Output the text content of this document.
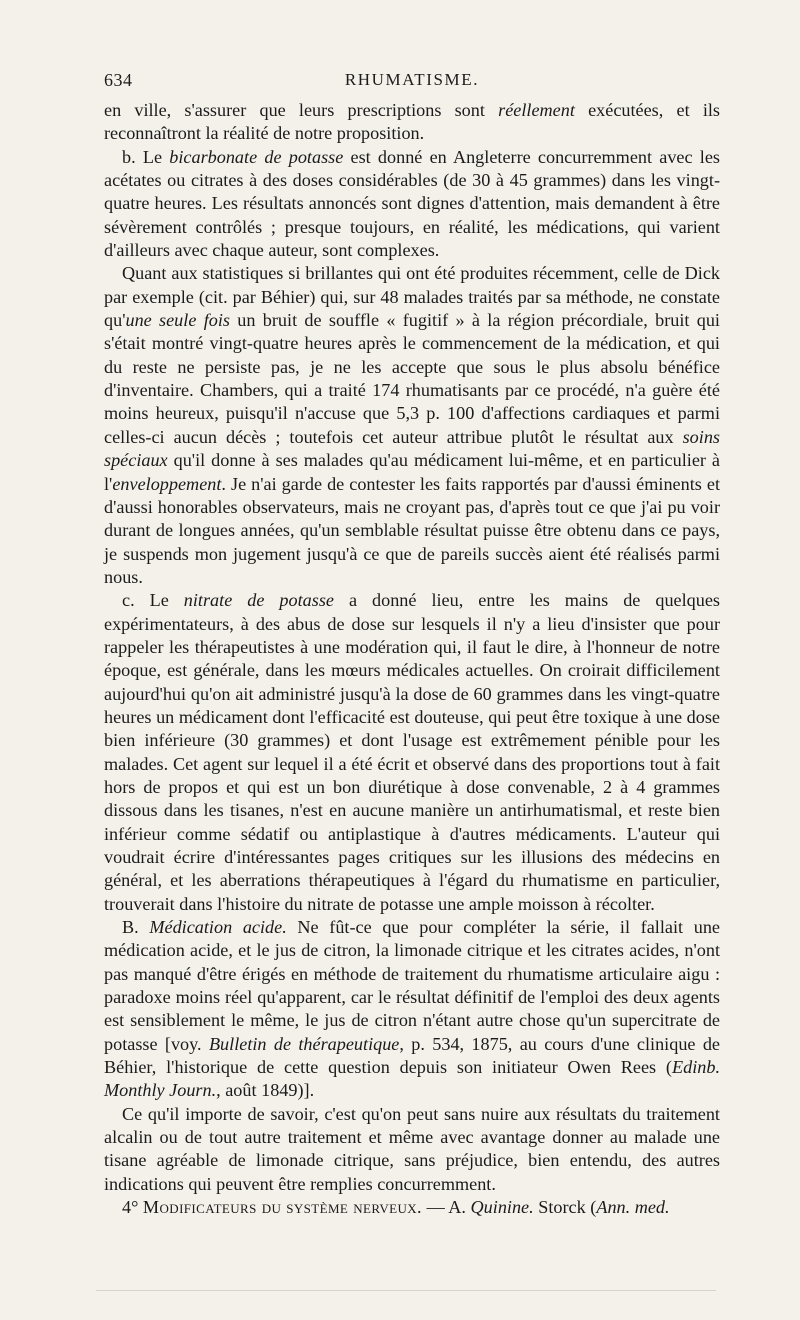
634	RHUMATISME.

en ville, s'assurer que leurs prescriptions sont réellement exécutées, et ils reconnaîtront la réalité de notre proposition.

b. Le bicarbonate de potasse est donné en Angleterre concurremment avec les acétates ou citrates à des doses considérables (de 30 à 45 grammes) dans les vingt-quatre heures. Les résultats annoncés sont dignes d'attention, mais demandent à être sévèrement contrôlés ; presque toujours, en réalité, les médications, qui varient d'ailleurs avec chaque auteur, sont complexes.

Quant aux statistiques si brillantes qui ont été produites récemment, celle de Dick par exemple (cit. par Béhier) qui, sur 48 malades traités par sa méthode, ne constate qu'une seule fois un bruit de souffle « fugitif » à la région précordiale, bruit qui s'était montré vingt-quatre heures après le commencement de la médication, et qui du reste ne persiste pas, je ne les accepte que sous le plus absolu bénéfice d'inventaire. Chambers, qui a traité 174 rhumatisants par ce procédé, n'a guère été moins heureux, puisqu'il n'accuse que 5,3 p. 100 d'affections cardiaques et parmi celles-ci aucun décès ; toutefois cet auteur attribue plutôt le résultat aux soins spéciaux qu'il donne à ses malades qu'au médicament lui-même, et en particulier à l'enveloppement. Je n'ai garde de contester les faits rapportés par d'aussi éminents et d'aussi honorables observateurs, mais ne croyant pas, d'après tout ce que j'ai pu voir durant de longues années, qu'un semblable résultat puisse être obtenu dans ce pays, je suspends mon jugement jusqu'à ce que de pareils succès aient été réalisés parmi nous.

c. Le nitrate de potasse a donné lieu, entre les mains de quelques expérimentateurs, à des abus de dose sur lesquels il n'y a lieu d'insister que pour rappeler les thérapeutistes à une modération qui, il faut le dire, à l'honneur de notre époque, est générale, dans les mœurs médicales actuelles. On croirait difficilement aujourd'hui qu'on ait administré jusqu'à la dose de 60 grammes dans les vingt-quatre heures un médicament dont l'efficacité est douteuse, qui peut être toxique à une dose bien inférieure (30 grammes) et dont l'usage est extrêmement pénible pour les malades. Cet agent sur lequel il a été écrit et observé dans des proportions tout à fait hors de propos et qui est un bon diurétique à dose convenable, 2 à 4 grammes dissous dans les tisanes, n'est en aucune manière un antirhumatismal, et reste bien inférieur comme sédatif ou antiplastique à d'autres médicaments. L'auteur qui voudrait écrire d'intéressantes pages critiques sur les illusions des médecins en général, et les aberrations thérapeutiques à l'égard du rhumatisme en particulier, trouverait dans l'histoire du nitrate de potasse une ample moisson à récolter.

B. Médication acide. Ne fût-ce que pour compléter la série, il fallait une médication acide, et le jus de citron, la limonade citrique et les citrates acides, n'ont pas manqué d'être érigés en méthode de traitement du rhumatisme articulaire aigu : paradoxe moins réel qu'apparent, car le résultat définitif de l'emploi des deux agents est sensiblement le même, le jus de citron n'étant autre chose qu'un supercitrate de potasse [voy. Bulletin de thérapeutique, p. 534, 1875, au cours d'une clinique de Béhier, l'historique de cette question depuis son initiateur Owen Rees (Edinb. Monthly Journ., août 1849)].

Ce qu'il importe de savoir, c'est qu'on peut sans nuire aux résultats du traitement alcalin ou de tout autre traitement et même avec avantage donner au malade une tisane agréable de limonade citrique, sans préjudice, bien entendu, des autres indications qui peuvent être remplies concurremment.

4° Modificateurs du système nerveux. — A. Quinine. Storck (Ann. med.
